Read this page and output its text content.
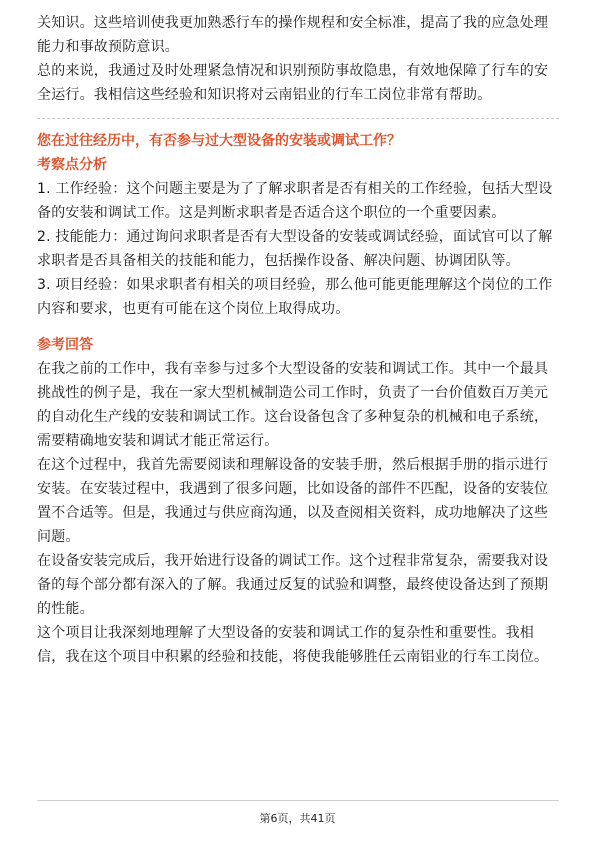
关知识。这些培训使我更加熟悉行车的操作规程和安全标准，提高了我的应急处理能力和事故预防意识。

总的来说，我通过及时处理紧急情况和识别预防事故隐患，有效地保障了行车的安全运行。我相信这些经验和知识将对云南铝业的行车工岗位非常有帮助。

您在过往经历中，有否参与过大型设备的安装或调试工作？
考察点分析

1. 工作经验：这个问题主要是为了了解求职者是否有相关的工作经验，包括大型设备的安装和调试工作。这是判断求职者是否适合这个职位的一个重要因素。

2. 技能能力：通过询问求职者是否有大型设备的安装或调试经验，面试官可以了解求职者是否具备相关的技能和能力，包括操作设备、解决问题、协调团队等。

3. 项目经验：如果求职者有相关的项目经验，那么他可能更能理解这个岗位的工作内容和要求，也更有可能在这个岗位上取得成功。

参考回答

在我之前的工作中，我有幸参与过多个大型设备的安装和调试工作。其中一个最具挑战性的例子是，我在一家大型机械制造公司工作时，负责了一台价值数百万美元的自动化生产线的安装和调试工作。这台设备包含了多种复杂的机械和电子系统，需要精确地安装和调试才能正常运行。

在这个过程中，我首先需要阅读和理解设备的安装手册，然后根据手册的指示进行安装。在安装过程中，我遇到了很多问题，比如设备的部件不匹配，设备的安装位置不合适等。但是，我通过与供应商沟通，以及查阅相关资料，成功地解决了这些问题。

在设备安装完成后，我开始进行设备的调试工作。这个过程非常复杂，需要我对设备的每个部分都有深入的了解。我通过反复的试验和调整，最终使设备达到了预期的性能。

这个项目让我深刻地理解了大型设备的安装和调试工作的复杂性和重要性。我相信，我在这个项目中积累的经验和技能，将使我能够胜任云南铝业的行车工岗位。

第6页，共41页
